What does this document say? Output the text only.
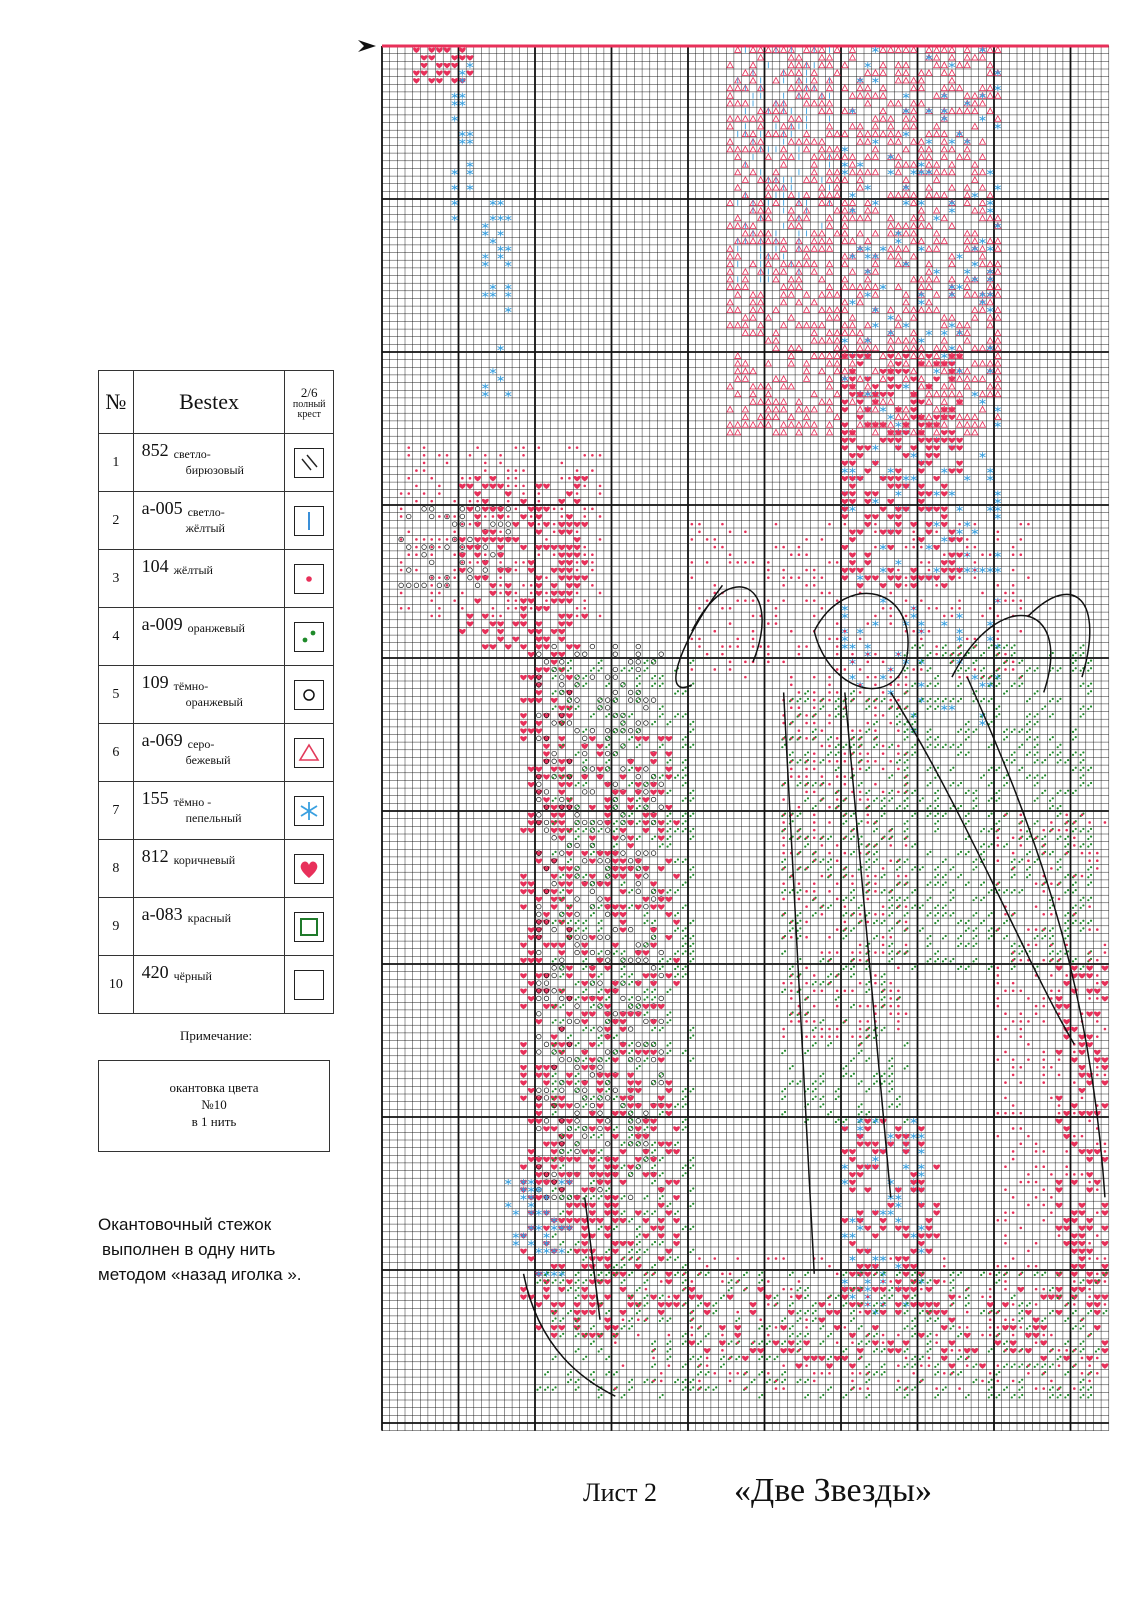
№	Bestex	2/6
полный
крест

1	852 $_{светло-}$
бирюзовый

2	a-005 $_{светло-}$
жёлтый

3	104 $_{жёлтый}$	

4	a-009 $_{оранжевый}$	

5	109 $_{тёмно-}$
оранжевый

6	a-069 $_{серо-}$
бежевый

7	155 $_{тёмно -}$
пепельный

8	812 $_{коричневый}$	

9	a-083 $_{красный}$	

10	420 $_{чёрный}$	
Примечание:
окантовка цвета
№10
в 1 нить
Окантовочный стежок
выполнен в одну нить
методом «назад иголка ».
Лист 2 «Две Звезды»
